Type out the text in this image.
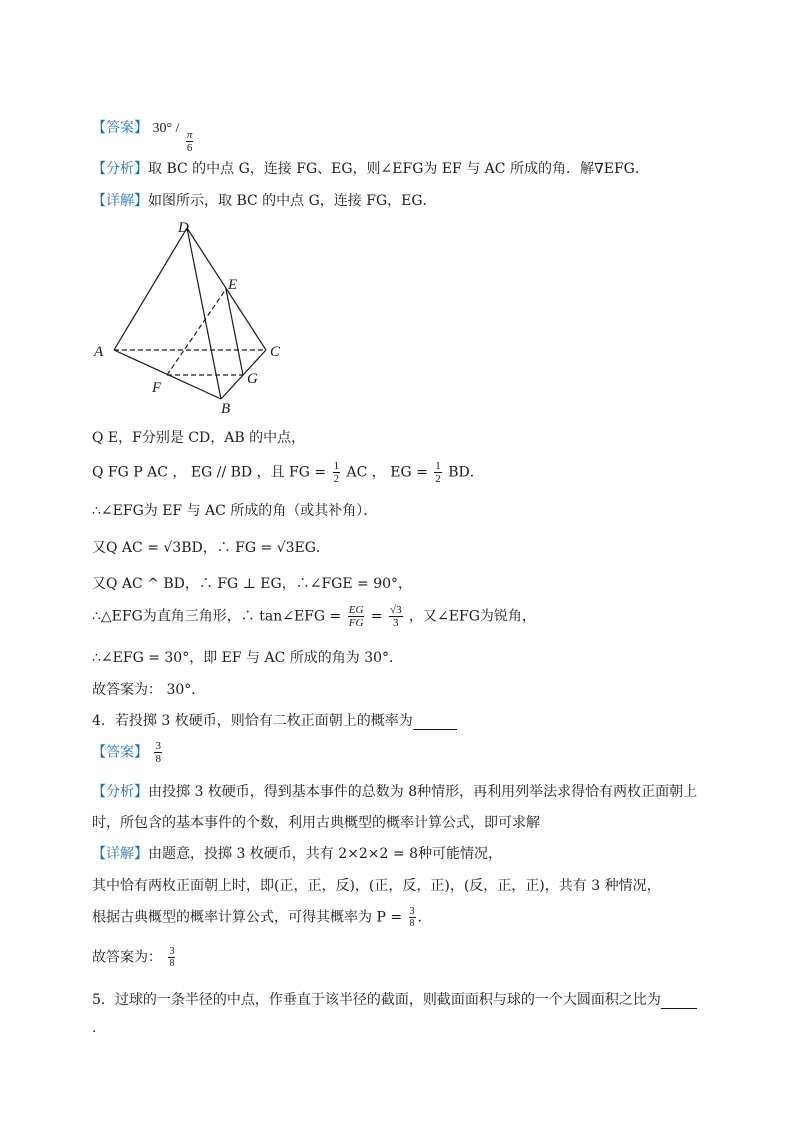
【答案】 30° /
$\frac{\pi}{6}$
【分析】取 BC 的中点 G，连接 FG、EG，则∠EFG为 EF 与 AC 所成的角．解∇EFG．
【详解】如图所示，取 BC 的中点 G，连接 FG，EG．
D
E
A	C
F
G
B
Q E，F分别是 CD，AB 的中点，
Q FG P AC ， EG // BD ，且 FG = $\frac{1}{2}$ AC ， EG = $\frac{1}{2}$ BD．
∴∠EFG为 EF 与 AC 所成的角（或其补角）．
又Q AC = √3BD，∴ FG = √3EG．
又Q AC ^ BD，∴ FG ⊥ EG，∴∠FGE = 90°，
∴△EFG为直角三角形，∴ tan∠EFG = $\frac{EG}{FG} = \frac{√3}{3}$ ，又∠EFG为锐角，
∴∠EFG = 30°，即 EF 与 AC 所成的角为 30°．
故答案为： 30°．
4．若投掷 3 枚硬币，则恰有二枚正面朝上的概率为
【答案】 $\frac{3}{8}$
【分析】由投掷 3 枚硬币，得到基本事件的总数为 8种情形，再利用列举法求得恰有两枚正面朝上
时，所包含的基本事件的个数，利用古典概型的概率计算公式，即可求解
【详解】由题意，投掷 3 枚硬币，共有 2×2×2 = 8种可能情况，
其中恰有两枚正面朝上时，即(正，正，反)，(正，反，正)，(反，正，正)，共有 3 种情况，
根据古典概型的概率计算公式，可得其概率为 $P = \frac{3}{8}$ .
故答案为： $\frac{3}{8}$
5．过球的一条半径的中点，作垂直于该半径的截面，则截面面积与球的一个大圆面积之比为
.
